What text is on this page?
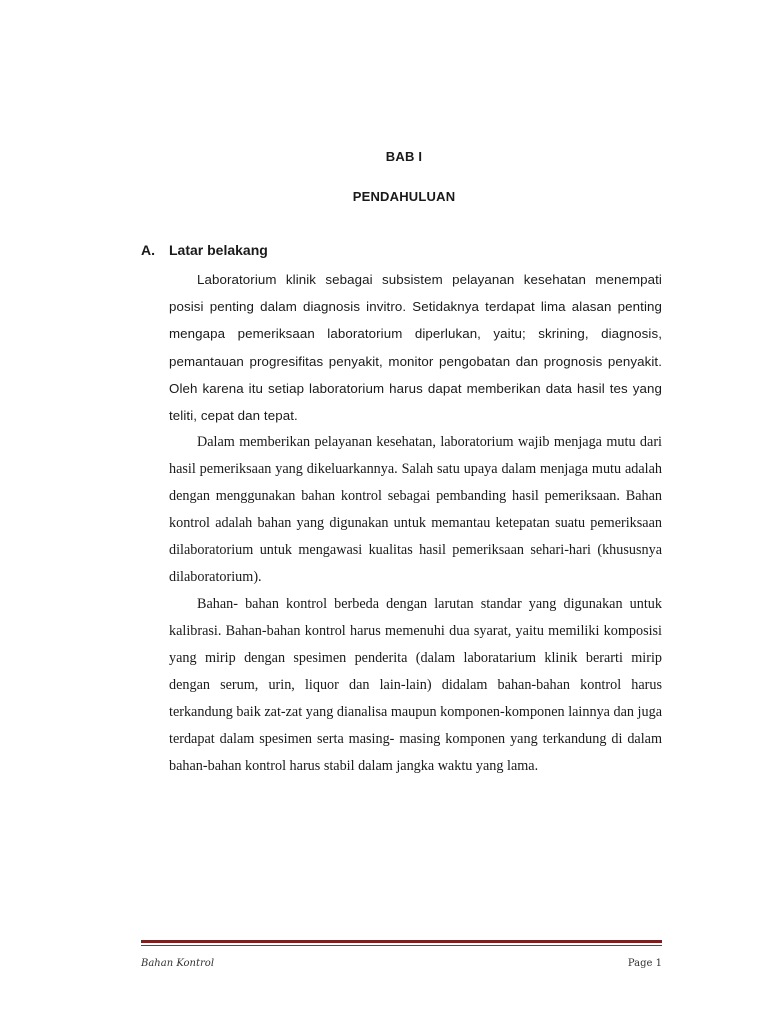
BAB I
PENDAHULUAN
A. Latar belakang

Laboratorium klinik sebagai subsistem pelayanan kesehatan menempati posisi penting dalam diagnosis invitro. Setidaknya terdapat lima alasan penting mengapa pemeriksaan laboratorium diperlukan, yaitu; skrining, diagnosis, pemantauan progresifitas penyakit, monitor pengobatan dan prognosis penyakit. Oleh karena itu setiap laboratorium harus dapat memberikan data hasil tes yang teliti, cepat dan tepat.

Dalam memberikan pelayanan kesehatan, laboratorium wajib menjaga mutu dari hasil pemeriksaan yang dikeluarkannya. Salah satu upaya dalam menjaga mutu adalah dengan menggunakan bahan kontrol sebagai pembanding hasil pemeriksaan. Bahan kontrol adalah bahan yang digunakan untuk memantau ketepatan suatu pemeriksaan dilaboratorium untuk mengawasi kualitas hasil pemeriksaan sehari-hari (khususnya dilaboratorium).

Bahan- bahan kontrol berbeda dengan larutan standar yang digunakan untuk kalibrasi. Bahan-bahan kontrol harus memenuhi dua syarat, yaitu memiliki komposisi yang mirip dengan spesimen penderita (dalam laboratarium klinik berarti mirip dengan serum, urin, liquor dan lain-lain) didalam bahan-bahan kontrol harus terkandung baik zat-zat yang dianalisa maupun komponen-komponen lainnya dan juga terdapat dalam spesimen serta masing- masing komponen yang terkandung di dalam bahan-bahan kontrol harus stabil dalam jangka waktu yang lama.

Bahan Kontrol	Page 1
